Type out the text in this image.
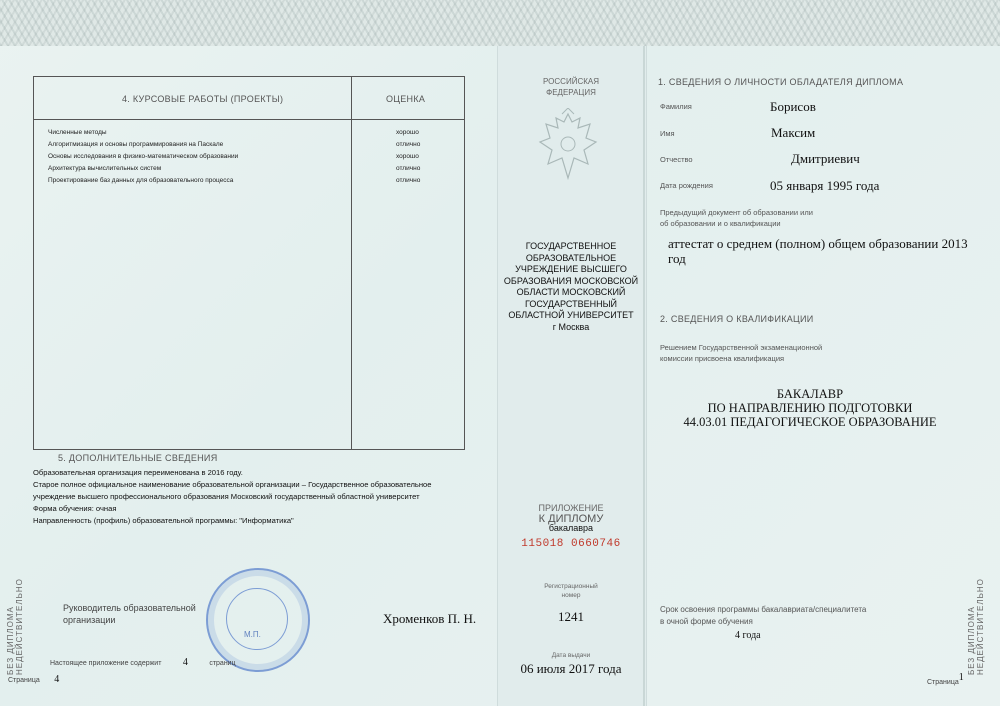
4. КУРСОВЫЕ РАБОТЫ (ПРОЕКТЫ)	ОЦЕНКА
Численные методы	хорошо
Алгоритмизация и основы программирования на Паскале	отлично
Основы исследования в физико-математическом образовании	хорошо
Архитектура вычислительных систем	отлично
Проектирование баз данных для образовательного процесса	отлично
5. ДОПОЛНИТЕЛЬНЫЕ СВЕДЕНИЯ
Образовательная организация переименована в 2016 году.
Старое полное официальное наименование образовательной организации – Государственное образовательное
учреждение высшего профессионального образования Московский государственный областной университет
Форма обучения: очная
Направленность (профиль) образовательной программы: "Информатика"
БЕЗ ДИПЛОМА НЕДЕЙСТВИТЕЛЬНО	Руководитель образовательной
организации
М.П.
Хроменков П. Н.
Настоящее приложение содержит 4	страниц
Страница 4
РОССИЙСКАЯ
ФЕДЕРАЦИЯ
ГОСУДАРСТВЕННОЕ
ОБРАЗОВАТЕЛЬНОЕ
УЧРЕЖДЕНИЕ ВЫСШЕГО
ОБРАЗОВАНИЯ МОСКОВСКОЙ
ОБЛАСТИ МОСКОВСКИЙ
ГОСУДАРСТВЕННЫЙ
ОБЛАСТНОЙ УНИВЕРСИТЕТ
г Москва
ПРИЛОЖЕНИЕ
К ДИПЛОМУ
бакалавра
115018 0660746
Регистрационный
номер
1241
Дата выдачи
06 июля 2017 года
1. СВЕДЕНИЯ О ЛИЧНОСТИ ОБЛАДАТЕЛЯ ДИПЛОМА
Фамилия	Борисов
Имя	Максим
Отчество	Дмитриевич
Дата рождения	05 января 1995 года
Предыдущий документ об образовании или
об образовании и о квалификации
аттестат о среднем (полном) общем образовании 2013
год
2. СВЕДЕНИЯ О КВАЛИФИКАЦИИ
Решением Государственной экзаменационной
комиссии присвоена квалификация
БАКАЛАВР
ПО НАПРАВЛЕНИЮ ПОДГОТОВКИ
44.03.01 ПЕДАГОГИЧЕСКОЕ ОБРАЗОВАНИЕ
Срок освоения программы бакалавриата/специалитета
в очной форме обучения
4 года
Страница1
БЕЗ ДИПЛОМА НЕДЕЙСТВИТЕЛЬНО
